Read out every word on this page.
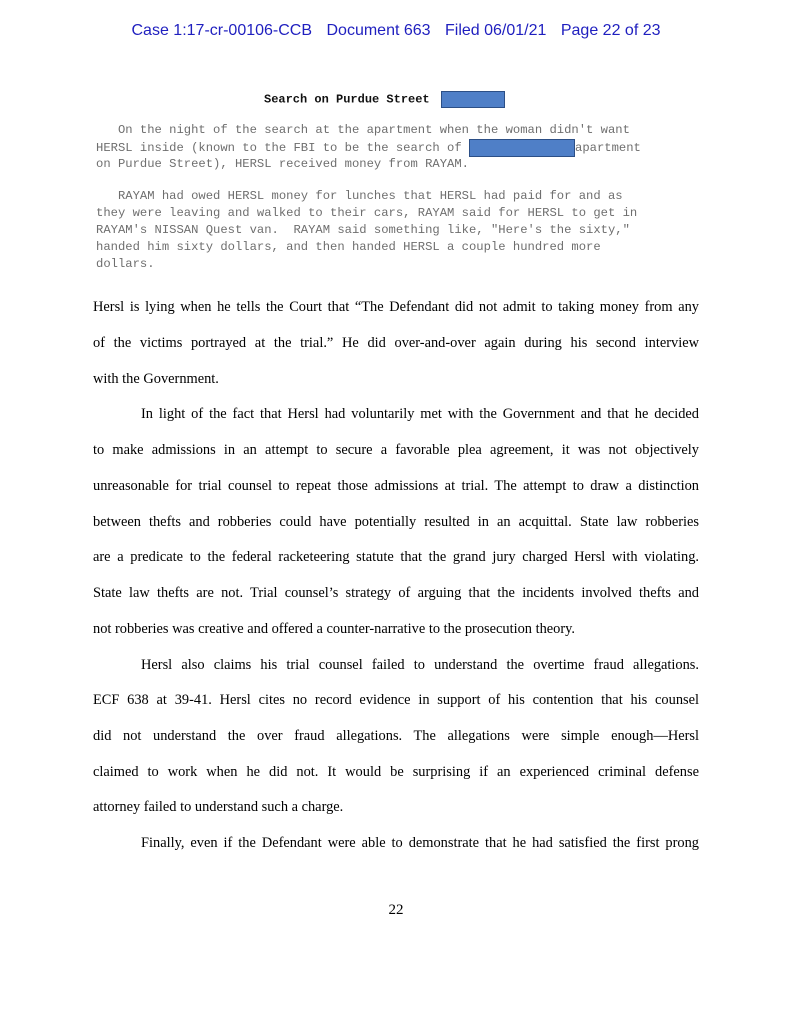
Case 1:17-cr-00106-CCB Document 663 Filed 06/01/21 Page 22 of 23
Search on Purdue Street
On the night of the search at the apartment when the woman didn't want
HERSL inside (known to the FBI to be the search of	apartment
on Purdue Street), HERSL received money from RAYAM.
RAYAM had owed HERSL money for lunches that HERSL had paid for and as
they were leaving and walked to their cars, RAYAM said for HERSL to get in
RAYAM's NISSAN Quest van.  RAYAM said something like, "Here's the sixty,"
handed him sixty dollars, and then handed HERSL a couple hundred more
dollars.
Hersl is lying when he tells the Court that “The Defendant did not admit to taking money from any
of the victims portrayed at the trial.” He did over-and-over again during his second interview
with the Government.
In light of the fact that Hersl had voluntarily met with the Government and that he decided
to make admissions in an attempt to secure a favorable plea agreement, it was not objectively
unreasonable for trial counsel to repeat those admissions at trial. The attempt to draw a distinction
between thefts and robberies could have potentially resulted in an acquittal. State law robberies
are a predicate to the federal racketeering statute that the grand jury charged Hersl with violating.
State law thefts are not. Trial counsel’s strategy of arguing that the incidents involved thefts and
not robberies was creative and offered a counter-narrative to the prosecution theory.
Hersl also claims his trial counsel failed to understand the overtime fraud allegations.
ECF 638 at 39-41. Hersl cites no record evidence in support of his contention that his counsel
did not understand the over fraud allegations. The allegations were simple enough—Hersl
claimed to work when he did not. It would be surprising if an experienced criminal defense
attorney failed to understand such a charge.
Finally, even if the Defendant were able to demonstrate that he had satisfied the first prong
22
